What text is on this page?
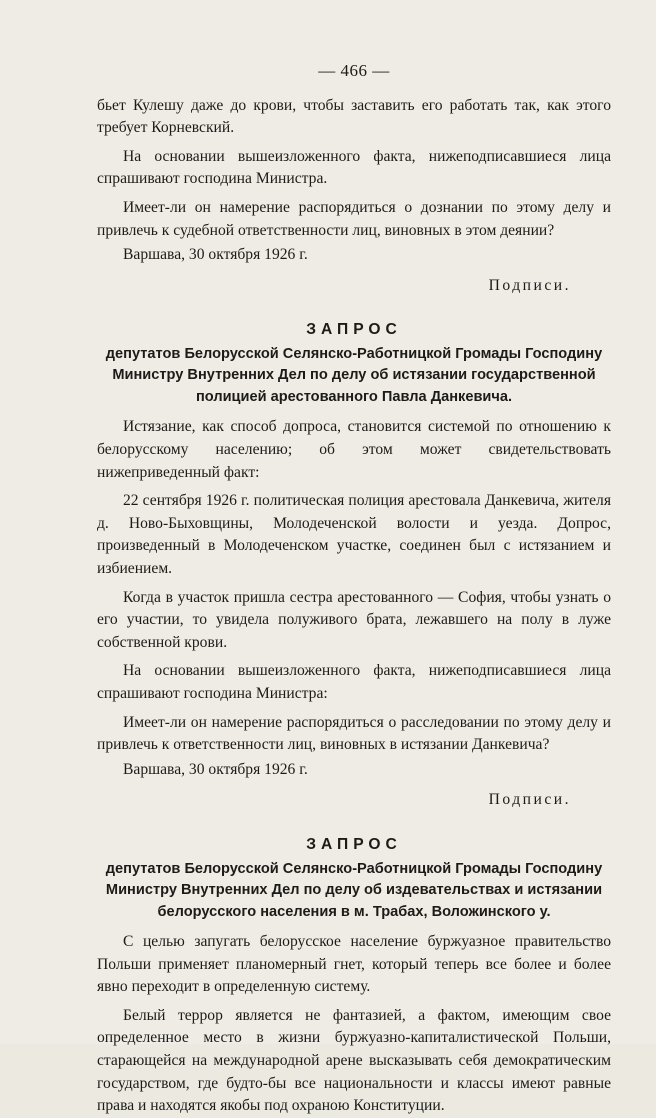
— 466 —

бьет Кулешу даже до крови, чтобы заставить его работать так, как этого требует Корневский.

На основании вышеизложенного факта, нижеподписавшиеся лица спрашивают господина Министра.

Имеет-ли он намерение распорядиться о дознании по этому делу и привлечь к судебной ответственности лиц, виновных в этом деянии?

Варшава, 30 октября 1926 г.

Подписи.
ЗАПРОС
депутатов Белорусской Селянско-Работницкой Громады Господину Министру Внутренних Дел по делу об истязании государственной полицией арестованного Павла Данкевича.

Истязание, как способ допроса, становится системой по отношению к белорусскому населению; об этом может свидетельствовать нижеприведенный факт:

22 сентября 1926 г. политическая полиция арестовала Данкевича, жителя д. Ново-Быховщины, Молодеченской волости и уезда. Допрос, произведенный в Молодеченском участке, соединен был с истязанием и избиением.

Когда в участок пришла сестра арестованного — София, чтобы узнать о его участии, то увидела полуживого брата, лежавшего на полу в луже собственной крови.

На основании вышеизложенного факта, нижеподписавшиеся лица спрашивают господина Министра:

Имеет-ли он намерение распорядиться о расследовании по этому делу и привлечь к ответственности лиц, виновных в истязании Данкевича?

Варшава, 30 октября 1926 г.

Подписи.
ЗАПРОС
депутатов Белорусской Селянско-Работницкой Громады Господину Министру Внутренних Дел по делу об издевательствах и истязании белорусского населения в м. Трабах, Воложинского у.

С целью запугать белорусское население буржуазное правительство Польши применяет планомерный гнет, который теперь все более и более явно переходит в определенную систему.

Белый террор является не фантазией, а фактом, имеющим свое определенное место в жизни буржуазно-капиталистической Польши, старающейся на международной арене высказывать себя демократическим государством, где будто-бы все национальности и классы имеют равные права и находятся якобы под охраною Конституции.
